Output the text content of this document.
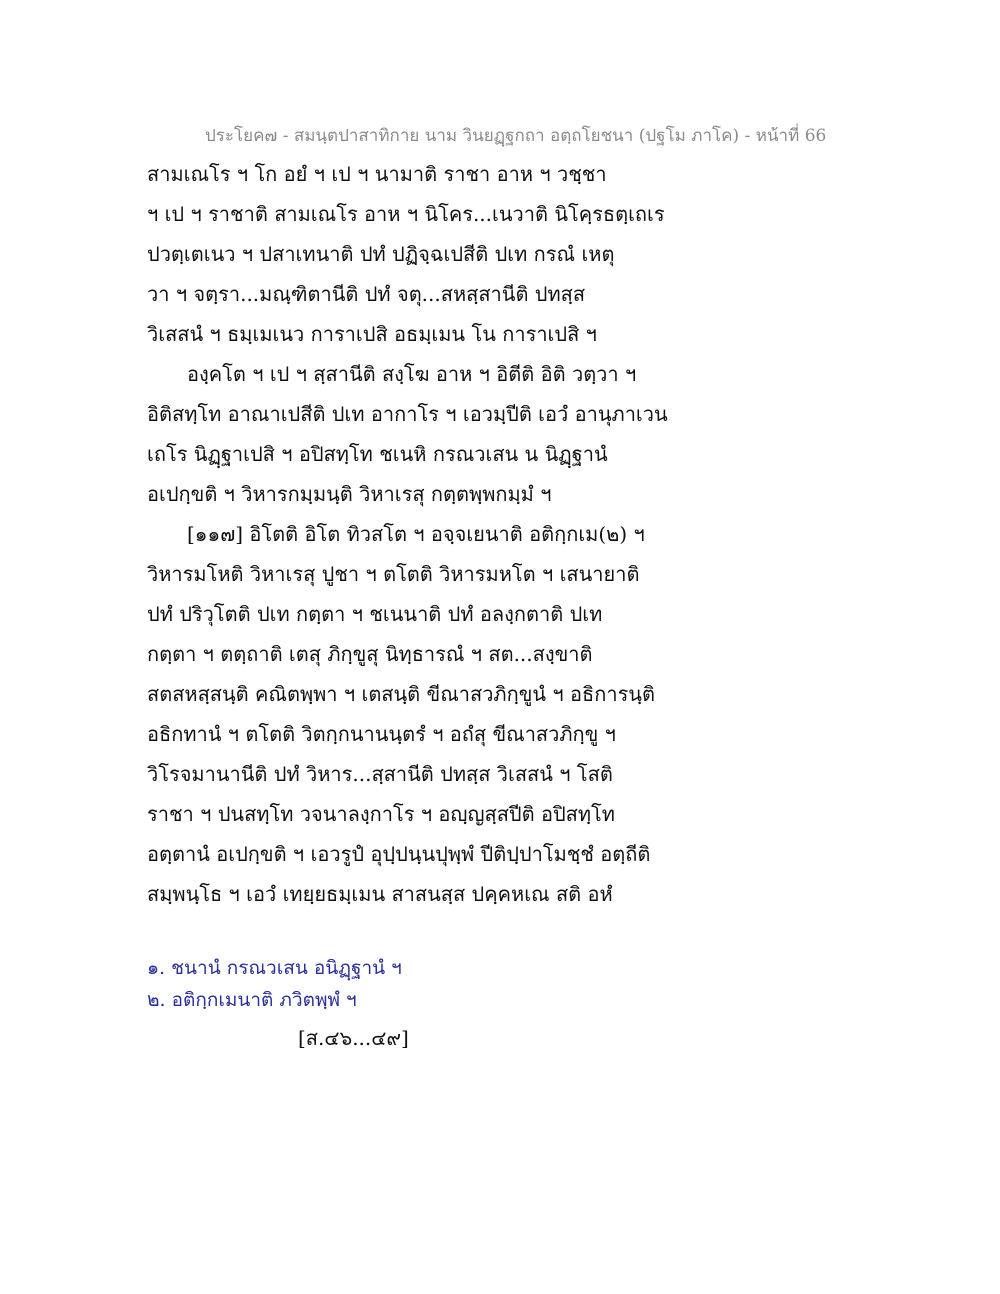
ประโยค๗ - สมนฺตปาสาทิกาย นาม วินยฏฺฐกถา อตฺถโยชนา (ปฐโม ภาโค) - หน้าที่ 66
สามเณโร ฯ โก อยํ ฯ เป ฯ นามาติ ราชา อาห ฯ วชฺชา
ฯ เป ฯ ราชาติ สามเณโร อาห ฯ นิโคร...เนวาติ นิโคฺรธตฺเถเร
ปวตฺเตเนว ฯ ปสาเทนาติ ปทํ ปฏิจฺฉเปสีติ ปเท กรณํ เหตุ
วา ฯ จตฺรา...มณฺฑิตานีติ ปทํ จตุ...สหสฺสานีติ ปทสฺส
วิเสสนํ ฯ ธมฺเมเนว การาเปสิ อธมฺเมน โน การาเปสิ ฯ
องฺคโต ฯ เป ฯ สฺสานีติ สงฺโฆ อาห ฯ อิตีติ อิติ วตฺวา ฯ
อิติสทฺโท อาณาเปสีติ ปเท อากาโร ฯ เอวมฺปีติ เอวํ อานุภาเวน
เถโร นิฏฺฐาเปสิ ฯ อปิสทฺโท ชเนหิ กรณวเสน น นิฏฺฐานํ
อเปกฺขติ ฯ วิหารกมฺมนฺติ วิหาเรสุ กตฺตพฺพกมฺมํ ฯ
[๑๑๗] อิโตติ อิโต ทิวสโต ฯ อจฺจเยนาติ อติกฺกเม(๒) ฯ
วิหารมโหติ วิหาเรสุ ปูชา ฯ ตโตติ วิหารมหโต ฯ เสนายาติ
ปทํ ปริวุโตติ ปเท กตฺตา ฯ ชเนนาติ ปทํ อลงฺกตาติ ปเท
กตฺตา ฯ ตตฺถาติ เตสุ ภิกฺขูสุ นิทฺธารณํ ฯ สต...สงฺขาติ
สตสหสฺสนฺติ คณิตพฺพา ฯ เตสนฺติ ขีณาสวภิกฺขูนํ ฯ อธิการนฺติ
อธิกทานํ ฯ ตโตติ วิตกฺกนานนฺตรํ ฯ อถํสุ ขีณาสวภิกฺขู ฯ
วิโรจมานานีติ ปทํ วิหาร...สฺสานีติ ปทสฺส วิเสสนํ ฯ โสติ
ราชา ฯ ปนสทฺโท วจนาลงฺกาโร ฯ อญฺญสฺสปีติ อปิสทฺโท
อตฺตานํ อเปกฺขติ ฯ เอวรูปํ อุปฺปนฺนปุพฺพํ ปีติปฺปาโมชฺชํ อตฺถีติ
สมฺพนฺโธ ฯ เอวํ เทยฺยธมฺเมน สาสนสฺส ปคฺคหเณ สติ อหํ
๑. ชนานํ กรณวเสน อนิฏฺฐานํ ฯ
๒. อติกฺกเมนาติ ภวิตพฺพํ ฯ
[ส.๔๖...๔๙]
